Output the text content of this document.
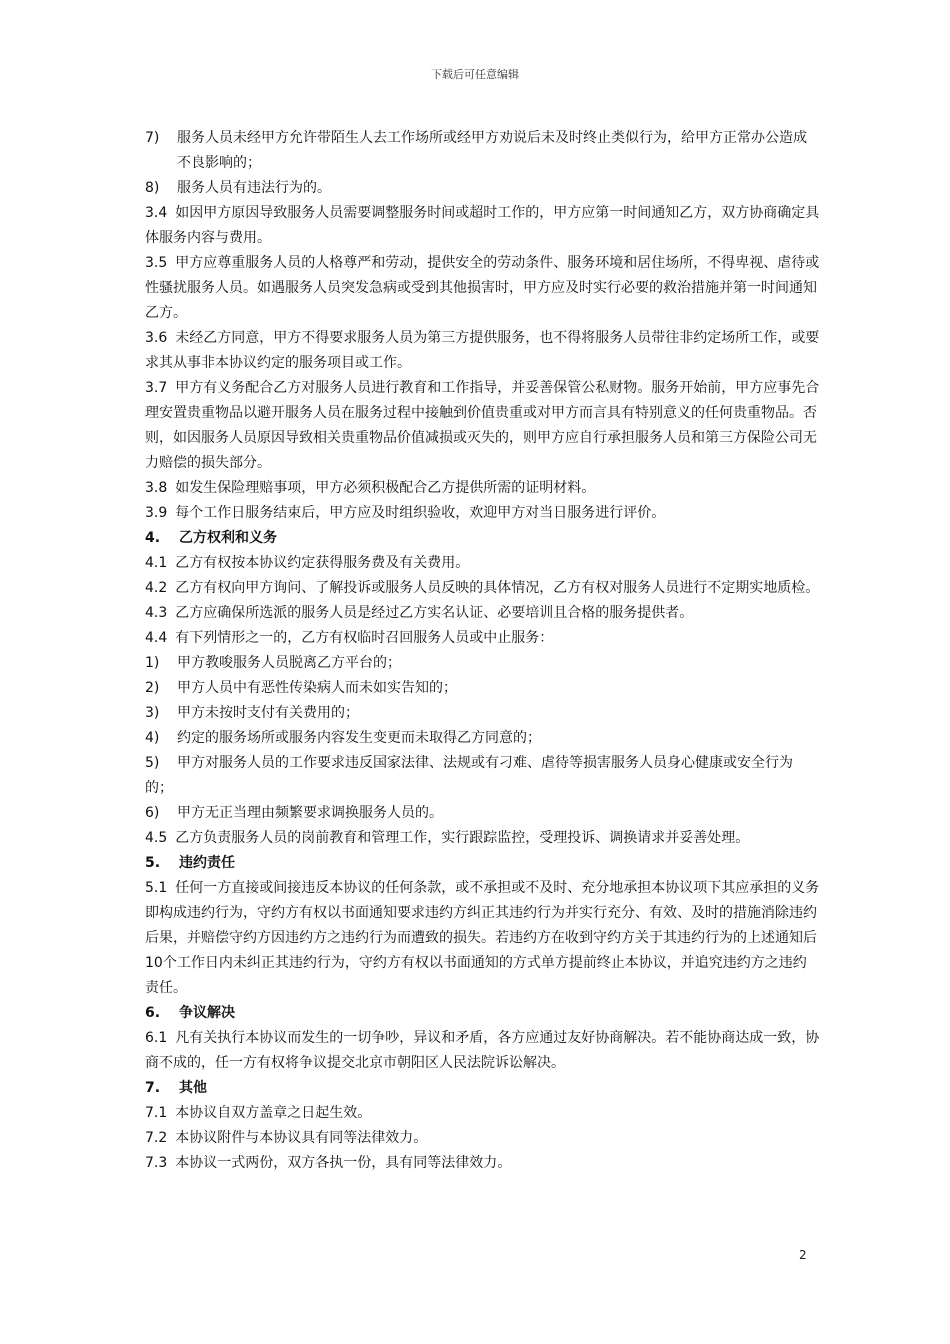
下载后可任意编辑

7) 服务人员未经甲方允许带陌生人去工作场所或经甲方劝说后未及时终止类似行为，给甲方正常办公造成不良影响的；

8) 服务人员有违法行为的。

3.4 如因甲方原因导致服务人员需要调整服务时间或超时工作的，甲方应第一时间通知乙方，双方协商确定具体服务内容与费用。

3.5 甲方应尊重服务人员的人格尊严和劳动，提供安全的劳动条件、服务环境和居住场所，不得卑视、虐待或性骚扰服务人员。如遇服务人员突发急病或受到其他损害时，甲方应及时实行必要的救治措施并第一时间通知乙方。

3.6 未经乙方同意，甲方不得要求服务人员为第三方提供服务，也不得将服务人员带往非约定场所工作，或要求其从事非本协议约定的服务项目或工作。

3.7 甲方有义务配合乙方对服务人员进行教育和工作指导，并妥善保管公私财物。服务开始前，甲方应事先合理安置贵重物品以避开服务人员在服务过程中接触到价值贵重或对甲方而言具有特别意义的任何贵重物品。否则，如因服务人员原因导致相关贵重物品价值减损或灭失的，则甲方应自行承担服务人员和第三方保险公司无力赔偿的损失部分。

3.8 如发生保险理赔事项，甲方必须积极配合乙方提供所需的证明材料。

3.9 每个工作日服务结束后，甲方应及时组织验收，欢迎甲方对当日服务进行评价。

4. 乙方权利和义务

4.1 乙方有权按本协议约定获得服务费及有关费用。

4.2 乙方有权向甲方询问、了解投诉或服务人员反映的具体情况，乙方有权对服务人员进行不定期实地质检。

4.3 乙方应确保所选派的服务人员是经过乙方实名认证、必要培训且合格的服务提供者。

4.4 有下列情形之一的，乙方有权临时召回服务人员或中止服务：

1) 甲方教唆服务人员脱离乙方平台的；

2) 甲方人员中有恶性传染病人而未如实告知的；

3) 甲方未按时支付有关费用的；

4) 约定的服务场所或服务内容发生变更而未取得乙方同意的；

5) 甲方对服务人员的工作要求违反国家法律、法规或有刁难、虐待等损害服务人员身心健康或安全行为的；

6) 甲方无正当理由频繁要求调换服务人员的。

4.5 乙方负责服务人员的岗前教育和管理工作，实行跟踪监控，受理投诉、调换请求并妥善处理。

5. 违约责任

5.1 任何一方直接或间接违反本协议的任何条款，或不承担或不及时、充分地承担本协议项下其应承担的义务即构成违约行为，守约方有权以书面通知要求违约方纠正其违约行为并实行充分、有效、及时的措施消除违约后果，并赔偿守约方因违约方之违约行为而遭致的损失。若违约方在收到守约方关于其违约行为的上述通知后10个工作日内未纠正其违约行为，守约方有权以书面通知的方式单方提前终止本协议，并追究违约方之违约责任。

6. 争议解决

6.1 凡有关执行本协议而发生的一切争吵，异议和矛盾，各方应通过友好协商解决。若不能协商达成一致，协商不成的，任一方有权将争议提交北京市朝阳区人民法院诉讼解决。

7. 其他

7.1 本协议自双方盖章之日起生效。

7.2 本协议附件与本协议具有同等法律效力。

7.3 本协议一式两份，双方各执一份，具有同等法律效力。

2
